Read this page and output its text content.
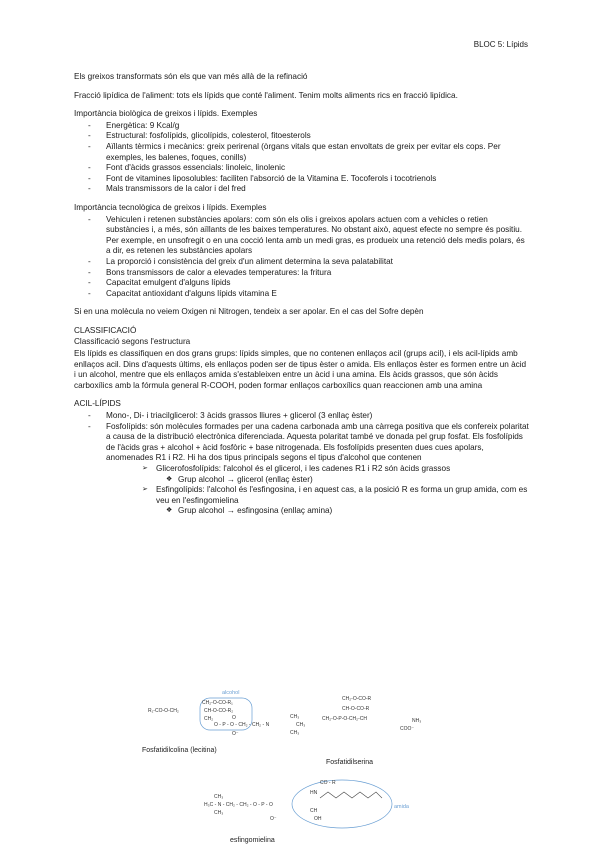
BLOC 5: Lípids

Els greixos transformats són els que van més allà de la refinació

Fracció lipídica de l'aliment: tots els lípids que conté l'aliment. Tenim molts aliments rics en fracció lipídica.

Importància biològica de greixos i lípids. Exemples
- Energètica: 9 Kcal/g
- Estructural: fosfolípids, glicolípids, colesterol, fitoesterols
- Aïllants tèrmics i mecànics: greix perirenal (òrgans vitals que estan envoltats de greix per evitar els cops. Per exemples, les balenes, foques, conills)
- Font d'àcids grassos essencials: linoleic, linolenic
- Font de vitamines liposolubles: faciliten l'absorció de la Vitamina E. Tocoferols i tocotrienols
- Mals transmissors de la calor i del fred
Importància tecnològica de greixos i lípids. Exemples
- Vehiculen i retenen substàncies apolars: com són els olis i greixos apolars actuen com a vehicles o retien substàncies i, a més, són aïllants de les baixes temperatures. No obstant això, aquest efecte no sempre és positiu. Per exemple, en unsofregit o en una cocció lenta amb un medi gras, es produeix una retenció dels medis polars, és a dir, es retenen les substàncies apolars
- La proporció i consistència del greix d'un aliment determina la seva palatabilitat
- Bons transmissors de calor a elevades temperatures: la fritura
- Capacitat emulgent d'alguns lípids
- Capacitat antioxidant d'alguns lípids vitamina E

Si en una molècula no veiem Oxigen ni Nitrogen, tendeix a ser apolar. En el cas del Sofre depèn

CLASSIFICACIÓ
Classificació segons l'estructura

Els lípids es classifiquen en dos grans grups: lípids simples, que no contenen enllaços acil (grups acil), i els acil-lípids amb enllaços acil. Dins d'aquests últims, els enllaços poden ser de tipus èster o amida. Els enllaços èster es formen entre un àcid i un alcohol, mentre que els enllaços amida s'estableixen entre un àcid i una amina. Els àcids grassos, que són àcids carboxílics amb la fórmula general R-COOH, poden formar enllaços carboxílics quan reaccionen amb una amina

ACIL-LÍPIDS
- Mono-, Di- i triacilglicerol: 3 àcids grassos lliures + glicerol (3 enllaç èster)
- Fosfolípids: són molècules formades per una cadena carbonada amb una càrrega positiva que els confereix polaritat a causa de la distribució electrònica diferenciada. Aquesta polaritat també ve donada pel grup fosfat. Els fosfolípids de l'àcids gras + alcohol + àcid fosfòric + base nitrogenada. Els fosfolípids presenten dues cues apolars, anomenades R1 i R2. Hi ha dos tipus principals segons el tipus d'alcohol que contenen
➢ Glicerofosfolípids: l'alcohol és el glicerol, i les cadenes R1 i R2 són àcids grassos
❖ Grup alcohol → glicerol (enllaç èster)
➢ Esfingolípids: l'alcohol és l'esfingosina, i en aquest cas, a la posició R es forma un grup amida, com es veu en l'esfingomielina
❖ Grup alcohol → esfingosina (enllaç amina)
alcohol
CH₂-O-CO-R₁
R₁-CO-O-CH₂	CH-O-CO-R₂
CH₂
O - P - O - CH₂ - CH₂ - N
O
O⁻
CH₃
CH₃
CH₃
Fosfatidilcolina (lecitina)
CH₂-O-CO-R
CH-O-CO-R
CH₂-O-P-O-CH₂-CH	NH₃
COO⁻
Fosfatidilserina
CH₃
H₃C - N - CH₂ - CH₂ - O - P - O
CH₃
O⁻
CO - R
HN
CH
OH
amida
esfingomielina
